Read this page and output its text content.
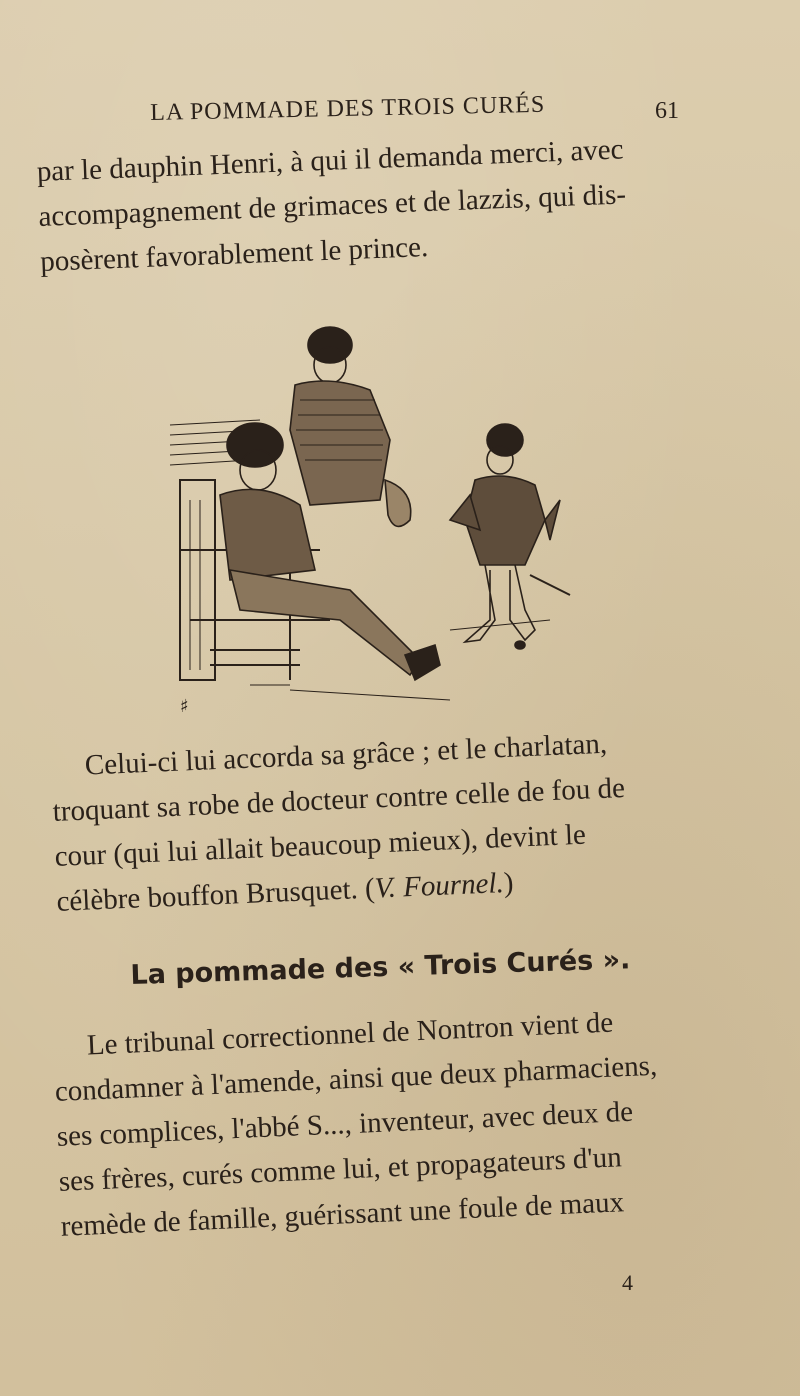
LA POMMADE DES TROIS CURÉS	61

par le dauphin Henri, à qui il demanda merci, avec
accompagnement de grimaces et de lazzis, qui dis-
posèrent favorablement le prince.

♯

Celui-ci lui accorda sa grâce ; et le charlatan,
troquant sa robe de docteur contre celle de fou de
cour (qui lui allait beaucoup mieux), devint le
célèbre bouffon Brusquet. (V. Fournel.)

La pommade des « Trois Curés ».

Le tribunal correctionnel de Nontron vient de
condamner à l'amende, ainsi que deux pharmaciens,
ses complices, l'abbé S..., inventeur, avec deux de
ses frères, curés comme lui, et propagateurs d'un
remède de famille, guérissant une foule de maux

4
